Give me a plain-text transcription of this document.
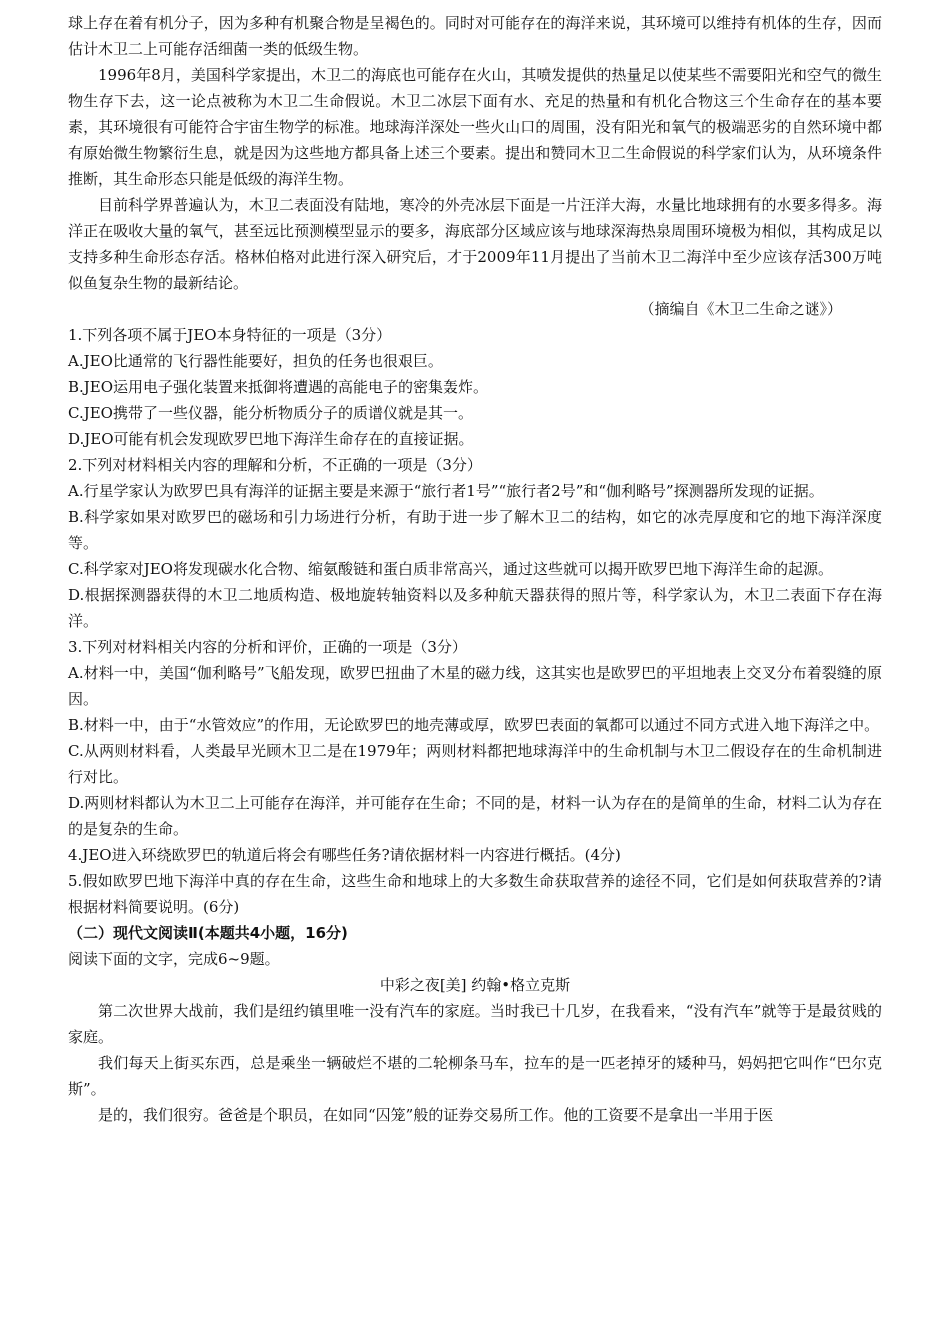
球上存在着有机分子，因为多种有机聚合物是呈褐色的。同时对可能存在的海洋来说，其环境可以维持有机体的生存，因而估计木卫二上可能存活细菌一类的低级生物。

1996年8月，美国科学家提出，木卫二的海底也可能存在火山，其喷发提供的热量足以使某些不需要阳光和空气的微生物生存下去，这一论点被称为木卫二生命假说。木卫二冰层下面有水、充足的热量和有机化合物这三个生命存在的基本要素，其环境很有可能符合宇宙生物学的标准。地球海洋深处一些火山口的周围，没有阳光和氧气的极端恶劣的自然环境中都有原始微生物繁衍生息，就是因为这些地方都具备上述三个要素。提出和赞同木卫二生命假说的科学家们认为，从环境条件推断，其生命形态只能是低级的海洋生物。

目前科学界普遍认为，木卫二表面没有陆地，寒冷的外壳冰层下面是一片汪洋大海，水量比地球拥有的水要多得多。海洋正在吸收大量的氧气，甚至远比预测模型显示的要多，海底部分区域应该与地球深海热泉周围环境极为相似，其构成足以支持多种生命形态存活。格林伯格对此进行深入研究后，才于2009年11月提出了当前木卫二海洋中至少应该存活300万吨似鱼复杂生物的最新结论。

（摘编自《木卫二生命之谜》）

1.下列各项不属于JEO本身特征的一项是（3分）

A.JEO比通常的飞行器性能要好，担负的任务也很艰巨。

B.JEO运用电子强化装置来抵御将遭遇的高能电子的密集轰炸。

C.JEO携带了一些仪器，能分析物质分子的质谱仪就是其一。

D.JEO可能有机会发现欧罗巴地下海洋生命存在的直接证据。

2.下列对材料相关内容的理解和分析，不正确的一项是（3分）

A.行星学家认为欧罗巴具有海洋的证据主要是来源于“旅行者1号”“旅行者2号”和“伽利略号”探测器所发现的证据。

B.科学家如果对欧罗巴的磁场和引力场进行分析，有助于进一步了解木卫二的结构，如它的冰壳厚度和它的地下海洋深度等。

C.科学家对JEO将发现碳水化合物、缩氨酸链和蛋白质非常高兴，通过这些就可以揭开欧罗巴地下海洋生命的起源。

D.根据探测器获得的木卫二地质构造、极地旋转轴资料以及多种航天器获得的照片等，科学家认为，木卫二表面下存在海洋。

3.下列对材料相关内容的分析和评价，正确的一项是（3分）

A.材料一中，美国“伽利略号”飞船发现，欧罗巴扭曲了木星的磁力线，这其实也是欧罗巴的平坦地表上交叉分布着裂缝的原因。

B.材料一中，由于“水管效应”的作用，无论欧罗巴的地壳薄或厚，欧罗巴表面的氧都可以通过不同方式进入地下海洋之中。

C.从两则材料看，人类最早光顾木卫二是在1979年；两则材料都把地球海洋中的生命机制与木卫二假设存在的生命机制进行对比。

D.两则材料都认为木卫二上可能存在海洋，并可能存在生命；不同的是，材料一认为存在的是简单的生命，材料二认为存在的是复杂的生命。

4.JEO进入环绕欧罗巴的轨道后将会有哪些任务?请依据材料一内容进行概括。(4分)

5.假如欧罗巴地下海洋中真的存在生命，这些生命和地球上的大多数生命获取营养的途径不同，它们是如何获取营养的?请根据材料简要说明。(6分)

（二）现代文阅读Ⅱ(本题共4小题，16分)

阅读下面的文字，完成6~9题。

中彩之夜[美] 约翰•格立克斯

第二次世界大战前，我们是纽约镇里唯一没有汽车的家庭。当时我已十几岁，在我看来，“没有汽车”就等于是最贫贱的家庭。

我们每天上街买东西，总是乘坐一辆破烂不堪的二轮柳条马车，拉车的是一匹老掉牙的矮种马，妈妈把它叫作“巴尔克斯”。

是的，我们很穷。爸爸是个职员，在如同“囚笼”般的证券交易所工作。他的工资要不是拿出一半用于医
